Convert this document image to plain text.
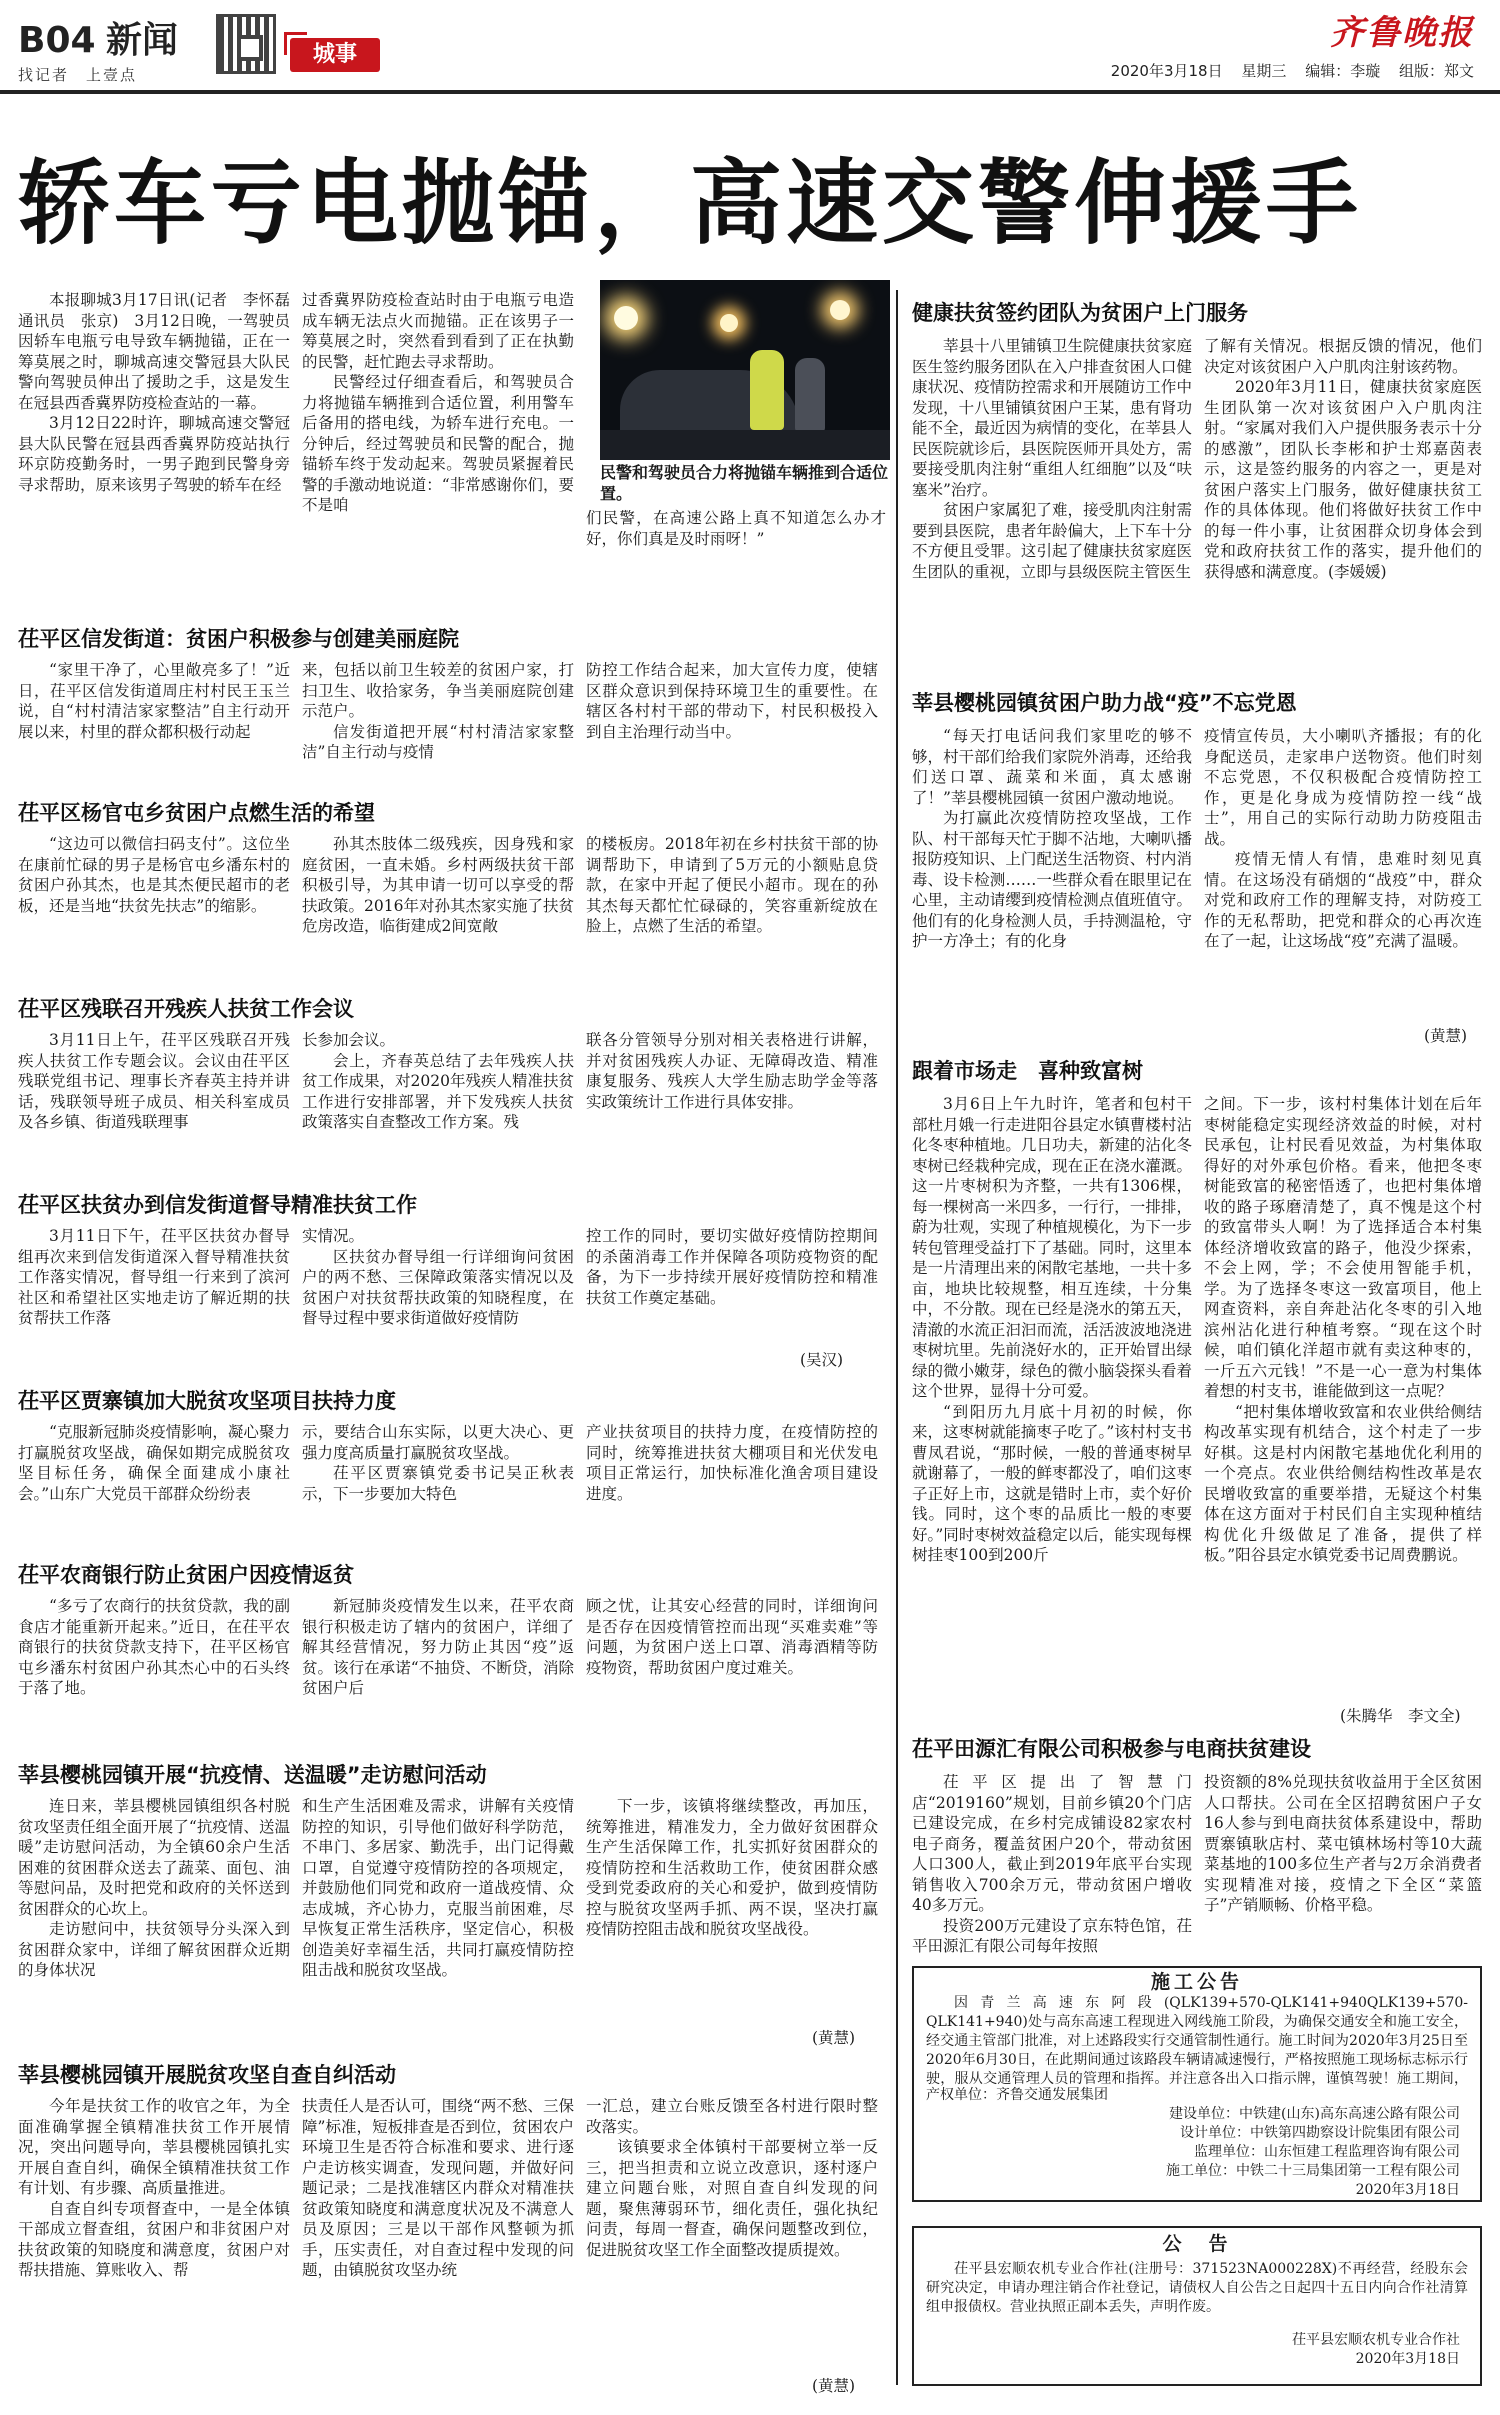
B04 新闻
找记者　上壹点
城事
齐鲁晚报
2020年3月18日 星期三 编辑：李璇 组版：郑文
轿车亏电抛锚，高速交警伸援手

本报聊城3月17日讯(记者　李怀磊　通讯员　张京)　3月12日晚，一驾驶员因轿车电瓶亏电导致车辆抛锚，正在一筹莫展之时，聊城高速交警冠县大队民警向驾驶员伸出了援助之手，这是发生在冠县西香冀界防疫检查站的一幕。

3月12日22时许，聊城高速交警冠县大队民警在冠县西香冀界防疫站执行环京防疫勤务时，一男子跑到民警身旁寻求帮助，原来该男子驾驶的轿车在经

过香冀界防疫检查站时由于电瓶亏电造成车辆无法点火而抛锚。正在该男子一筹莫展之时，突然看到看到了正在执勤的民警，赶忙跑去寻求帮助。

民警经过仔细查看后，和驾驶员合力将抛锚车辆推到合适位置，利用警车后备用的搭电线，为轿车进行充电。一分钟后，经过驾驶员和民警的配合，抛锚轿车终于发动起来。驾驶员紧握着民警的手激动地说道：“非常感谢你们，要不是咱

民警和驾驶员合力将抛锚车辆推到合适位置。

们民警，在高速公路上真不知道怎么办才好，你们真是及时雨呀！”

茌平区信发街道：贫困户积极参与创建美丽庭院

“家里干净了，心里敞亮多了！”近日，茌平区信发街道周庄村村民王玉兰说，自“村村清洁家家整洁”自主行动开展以来，村里的群众都积极行动起

来，包括以前卫生较差的贫困户家，打扫卫生、收拾家务，争当美丽庭院创建示范户。

信发街道把开展“村村清洁家家整洁”自主行动与疫情

防控工作结合起来，加大宣传力度，使辖区群众意识到保持环境卫生的重要性。在辖区各村村干部的带动下，村民积极投入到自主治理行动当中。

茌平区杨官屯乡贫困户点燃生活的希望

“这边可以微信扫码支付”。这位坐在康前忙碌的男子是杨官屯乡潘东村的贫困户孙其杰，也是其杰便民超市的老板，还是当地“扶贫先扶志”的缩影。

孙其杰肢体二级残疾，因身残和家庭贫困，一直未婚。乡村两级扶贫干部积极引导，为其申请一切可以享受的帮扶政策。2016年对孙其杰家实施了扶贫危房改造，临街建成2间宽敞

的楼板房。2018年初在乡村扶贫干部的协调帮助下，申请到了5万元的小额贴息贷款，在家中开起了便民小超市。现在的孙其杰每天都忙忙碌碌的，笑容重新绽放在脸上，点燃了生活的希望。

茌平区残联召开残疾人扶贫工作会议

3月11日上午，茌平区残联召开残疾人扶贫工作专题会议。会议由茌平区残联党组书记、理事长齐春英主持并讲话，残联领导班子成员、相关科室成员及各乡镇、街道残联理事

长参加会议。

会上，齐春英总结了去年残疾人扶贫工作成果，对2020年残疾人精准扶贫工作进行安排部署，并下发残疾人扶贫政策落实自查整改工作方案。残

联各分管领导分别对相关表格进行讲解，并对贫困残疾人办证、无障碍改造、精准康复服务、残疾人大学生励志助学金等落实政策统计工作进行具体安排。

茌平区扶贫办到信发街道督导精准扶贫工作

3月11日下午，茌平区扶贫办督导组再次来到信发街道深入督导精准扶贫工作落实情况，督导组一行来到了滨河社区和希望社区实地走访了解近期的扶贫帮扶工作落

实情况。

区扶贫办督导组一行详细询问贫困户的两不愁、三保障政策落实情况以及贫困户对扶贫帮扶政策的知晓程度，在督导过程中要求街道做好疫情防

控工作的同时，要切实做好疫情防控期间的杀菌消毒工作并保障各项防疫物资的配备，为下一步持续开展好疫情防控和精准扶贫工作奠定基础。

(吴汉)
茌平区贾寨镇加大脱贫攻坚项目扶持力度

“克服新冠肺炎疫情影响，凝心聚力打赢脱贫攻坚战，确保如期完成脱贫攻坚目标任务，确保全面建成小康社会。”山东广大党员干部群众纷纷表

示，要结合山东实际，以更大决心、更强力度高质量打赢脱贫攻坚战。

茌平区贾寨镇党委书记吴正秋表示，下一步要加大特色

产业扶贫项目的扶持力度，在疫情防控的同时，统筹推进扶贫大棚项目和光伏发电项目正常运行，加快标准化渔舍项目建设进度。

茌平农商银行防止贫困户因疫情返贫

“多亏了农商行的扶贫贷款，我的副食店才能重新开起来。”近日，在茌平农商银行的扶贫贷款支持下，茌平区杨官屯乡潘东村贫困户孙其杰心中的石头终于落了地。

新冠肺炎疫情发生以来，茌平农商银行积极走访了辖内的贫困户，详细了解其经营情况，努力防止其因“疫”返贫。该行在承诺“不抽贷、不断贷，消除贫困户后

顾之忧，让其安心经营的同时，详细询问是否存在因疫情管控而出现“买难卖难”等问题，为贫困户送上口罩、消毒酒精等防疫物资，帮助贫困户度过难关。

莘县樱桃园镇开展“抗疫情、送温暖”走访慰问活动

连日来，莘县樱桃园镇组织各村脱贫攻坚责任组全面开展了“抗疫情、送温暖”走访慰问活动，为全镇60余户生活困难的贫困群众送去了蔬菜、面包、油等慰问品，及时把党和政府的关怀送到贫困群众的心坎上。

走访慰问中，扶贫领导分头深入到贫困群众家中，详细了解贫困群众近期的身体状况

和生产生活困难及需求，讲解有关疫情防控的知识，引导他们做好科学防范，不串门、多居家、勤洗手，出门记得戴口罩，自觉遵守疫情防控的各项规定，并鼓励他们同党和政府一道战疫情、众志成城，齐心协力，克服当前困难，尽早恢复正常生活秩序，坚定信心，积极创造美好幸福生活，共同打赢疫情防控阻击战和脱贫攻坚战。

下一步，该镇将继续整改，再加压，统筹推进，精准发力，全力做好贫困群众生产生活保障工作，扎实抓好贫困群众的疫情防控和生活救助工作，使贫困群众感受到党委政府的关心和爱护，做到疫情防控与脱贫攻坚两手抓、两不误，坚决打赢疫情防控阻击战和脱贫攻坚战役。

(黄慧)
莘县樱桃园镇开展脱贫攻坚自查自纠活动

今年是扶贫工作的收官之年，为全面准确掌握全镇精准扶贫工作开展情况，突出问题导向，莘县樱桃园镇扎实开展自查自纠，确保全镇精准扶贫工作有计划、有步骤、高质量推进。

自查自纠专项督查中，一是全体镇干部成立督查组，贫困户和非贫困户对扶贫政策的知晓度和满意度，贫困户对帮扶措施、算账收入、帮

扶责任人是否认可，围绕“两不愁、三保障”标准，短板排查是否到位，贫困农户环境卫生是否符合标准和要求、进行逐户走访核实调查，发现问题，并做好问题记录；二是找准辖区内群众对精准扶贫政策知晓度和满意度状况及不满意人员及原因；三是以干部作风整顿为抓手，压实责任，对自查过程中发现的问题，由镇脱贫攻坚办统

一汇总，建立台账反馈至各村进行限时整改落实。

该镇要求全体镇村干部要树立举一反三，把当担责和立说立改意识，逐村逐户建立问题台账，对照自查自纠发现的问题，聚焦薄弱环节，细化责任，强化执纪问责，每周一督查，确保问题整改到位，促进脱贫攻坚工作全面整改提质提效。

(黄慧)
健康扶贫签约团队为贫困户上门服务

莘县十八里铺镇卫生院健康扶贫家庭医生签约服务团队在入户排查贫困人口健康状况、疫情防控需求和开展随访工作中发现，十八里铺镇贫困户王某，患有肾功能不全，最近因为病情的变化，在莘县人民医院就诊后，县医院医师开具处方，需要接受肌肉注射“重组人红细胞”以及“呋塞米”治疗。

贫困户家属犯了难，接受肌肉注射需要到县医院，患者年龄偏大，上下车十分不方便且受罪。这引起了健康扶贫家庭医生团队的重视，立即与县级医院主管医生

了解有关情况。根据反馈的情况，他们决定对该贫困户入户肌肉注射该药物。

2020年3月11日，健康扶贫家庭医生团队第一次对该贫困户入户肌肉注射。“家属对我们入户提供服务表示十分的感激”，团队长李彬和护士郑嘉茵表示，这是签约服务的内容之一，更是对贫困户落实上门服务，做好健康扶贫工作的具体体现。他们将做好扶贫工作中的每一件小事，让贫困群众切身体会到党和政府扶贫工作的落实，提升他们的获得感和满意度。(李媛媛)

莘县樱桃园镇贫困户助力战“疫”不忘党恩

“每天打电话问我们家里吃的够不够，村干部们给我们家院外消毒，还给我们送口罩、蔬菜和米面，真太感谢了！”莘县樱桃园镇一贫困户激动地说。

为打赢此次疫情防控攻坚战，工作队、村干部每天忙于脚不沾地，大喇叭播报防疫知识、上门配送生活物资、村内消毒、设卡检测……一些群众看在眼里记在心里，主动请缨到疫情检测点值班值守。他们有的化身检测人员，手持测温枪，守护一方净土；有的化身

疫情宣传员，大小喇叭齐播报；有的化身配送员，走家串户送物资。他们时刻不忘党恩，不仅积极配合疫情防控工作，更是化身成为疫情防控一线“战士”，用自己的实际行动助力防疫阻击战。

疫情无情人有情，患难时刻见真情。在这场没有硝烟的“战疫”中，群众对党和政府工作的理解支持，对防疫工作的无私帮助，把党和群众的心再次连在了一起，让这场战“疫”充满了温暖。

(黄慧)
跟着市场走　喜种致富树

3月6日上午九时许，笔者和包村干部杜月娥一行走进阳谷县定水镇曹楼村沾化冬枣种植地。几日功夫，新建的沾化冬枣树已经栽种完成，现在正在浇水灌溉。这一片枣树积为齐整，一共有1306棵，每一棵树高一米四多，一行行，一排排，蔚为壮观，实现了种植规模化，为下一步转包管理受益打下了基础。同时，这里本是一片清理出来的闲散宅基地，一共十多亩，地块比较规整，相互连续，十分集中，不分散。现在已经是浇水的第五天，清澈的水流正汩汩而流，活活波波地浇进枣树坑里。先前浇好水的，正开始冒出绿绿的微小嫩芽，绿色的微小脑袋探头看着这个世界，显得十分可爱。

“到阳历九月底十月初的时候，你来，这枣树就能摘枣子吃了。”该村村支书曹凤君说，“那时候，一般的普通枣树早就谢幕了，一般的鲜枣都没了，咱们这枣子正好上市，这就是错时上市，卖个好价钱。同时，这个枣的品质比一般的枣要好。”同时枣树效益稳定以后，能实现每棵树挂枣100到200斤

之间。下一步，该村村集体计划在后年枣树能稳定实现经济效益的时候，对村民承包，让村民看见效益，为村集体取得好的对外承包价格。看来，他把冬枣树能致富的秘密悟透了，也把村集体增收的路子琢磨清楚了，真不愧是这个村的致富带头人啊！为了选择适合本村集体经济增收致富的路子，他没少探索，不会上网，学；不会使用智能手机，学。为了选择冬枣这一致富项目，他上网查资料，亲自奔赴沾化冬枣的引入地滨州沾化进行种植考察。“现在这个时候，咱们镇化洋超市就有卖这种枣的，一斤五六元钱！”不是一心一意为村集体着想的村支书，谁能做到这一点呢？

“把村集体增收致富和农业供给侧结构改革实现有机结合，这个村走了一步好棋。这是村内闲散宅基地优化利用的一个亮点。农业供给侧结构性改革是农民增收致富的重要举措，无疑这个村集体在这方面对于村民们自主实现种植结构优化升级做足了准备，提供了样板。”阳谷县定水镇党委书记周费鹏说。

(朱腾华　李文全)
茌平田源汇有限公司积极参与电商扶贫建设

茌平区提出了智慧门店“2019160”规划，目前乡镇20个门店已建设完成，在乡村完成铺设82家农村电子商务，覆盖贫困户20个，带动贫困人口300人，截止到2019年底平台实现销售收入700余万元，带动贫困户增收40多万元。

投资200万元建设了京东特色馆，茌平田源汇有限公司每年按照

投资额的8%兑现扶贫收益用于全区贫困人口帮扶。公司在全区招聘贫困户子女16人参与到电商扶贫体系建设中，帮助贾寨镇耿店村、菜屯镇林场村等10大蔬菜基地的100多位生产者与2万余消费者实现精准对接，疫情之下全区“菜篮子”产销顺畅、价格平稳。

施工公告

因青兰高速东阿段(QLK139+570-QLK141+940QLK139+570-QLK141+940)处与高东高速工程现进入网线施工阶段，为确保交通安全和施工安全，经交通主管部门批准，对上述路段实行交通管制性通行。施工时间为2020年3月25日至2020年6月30日，在此期间通过该路段车辆请减速慢行，严格按照施工现场标志标示行驶，服从交通管理人员的管理和指挥。并注意各出入口指示牌，谨慎驾驶！施工期间，

产权单位：齐鲁交通发展集团
建设单位：中铁建(山东)高东高速公路有限公司
设计单位：中铁第四勘察设计院集团有限公司
监理单位：山东恒建工程监理咨询有限公司
施工单位：中铁二十三局集团第一工程有限公司
2020年3月18日
公　告

茌平县宏顺农机专业合作社(注册号：371523NA000228X)不再经营，经股东会研究决定，申请办理注销合作社登记，请债权人自公告之日起四十五日内向合作社清算组申报债权。营业执照正副本丢失，声明作废。

茌平县宏顺农机专业合作社
2020年3月18日
